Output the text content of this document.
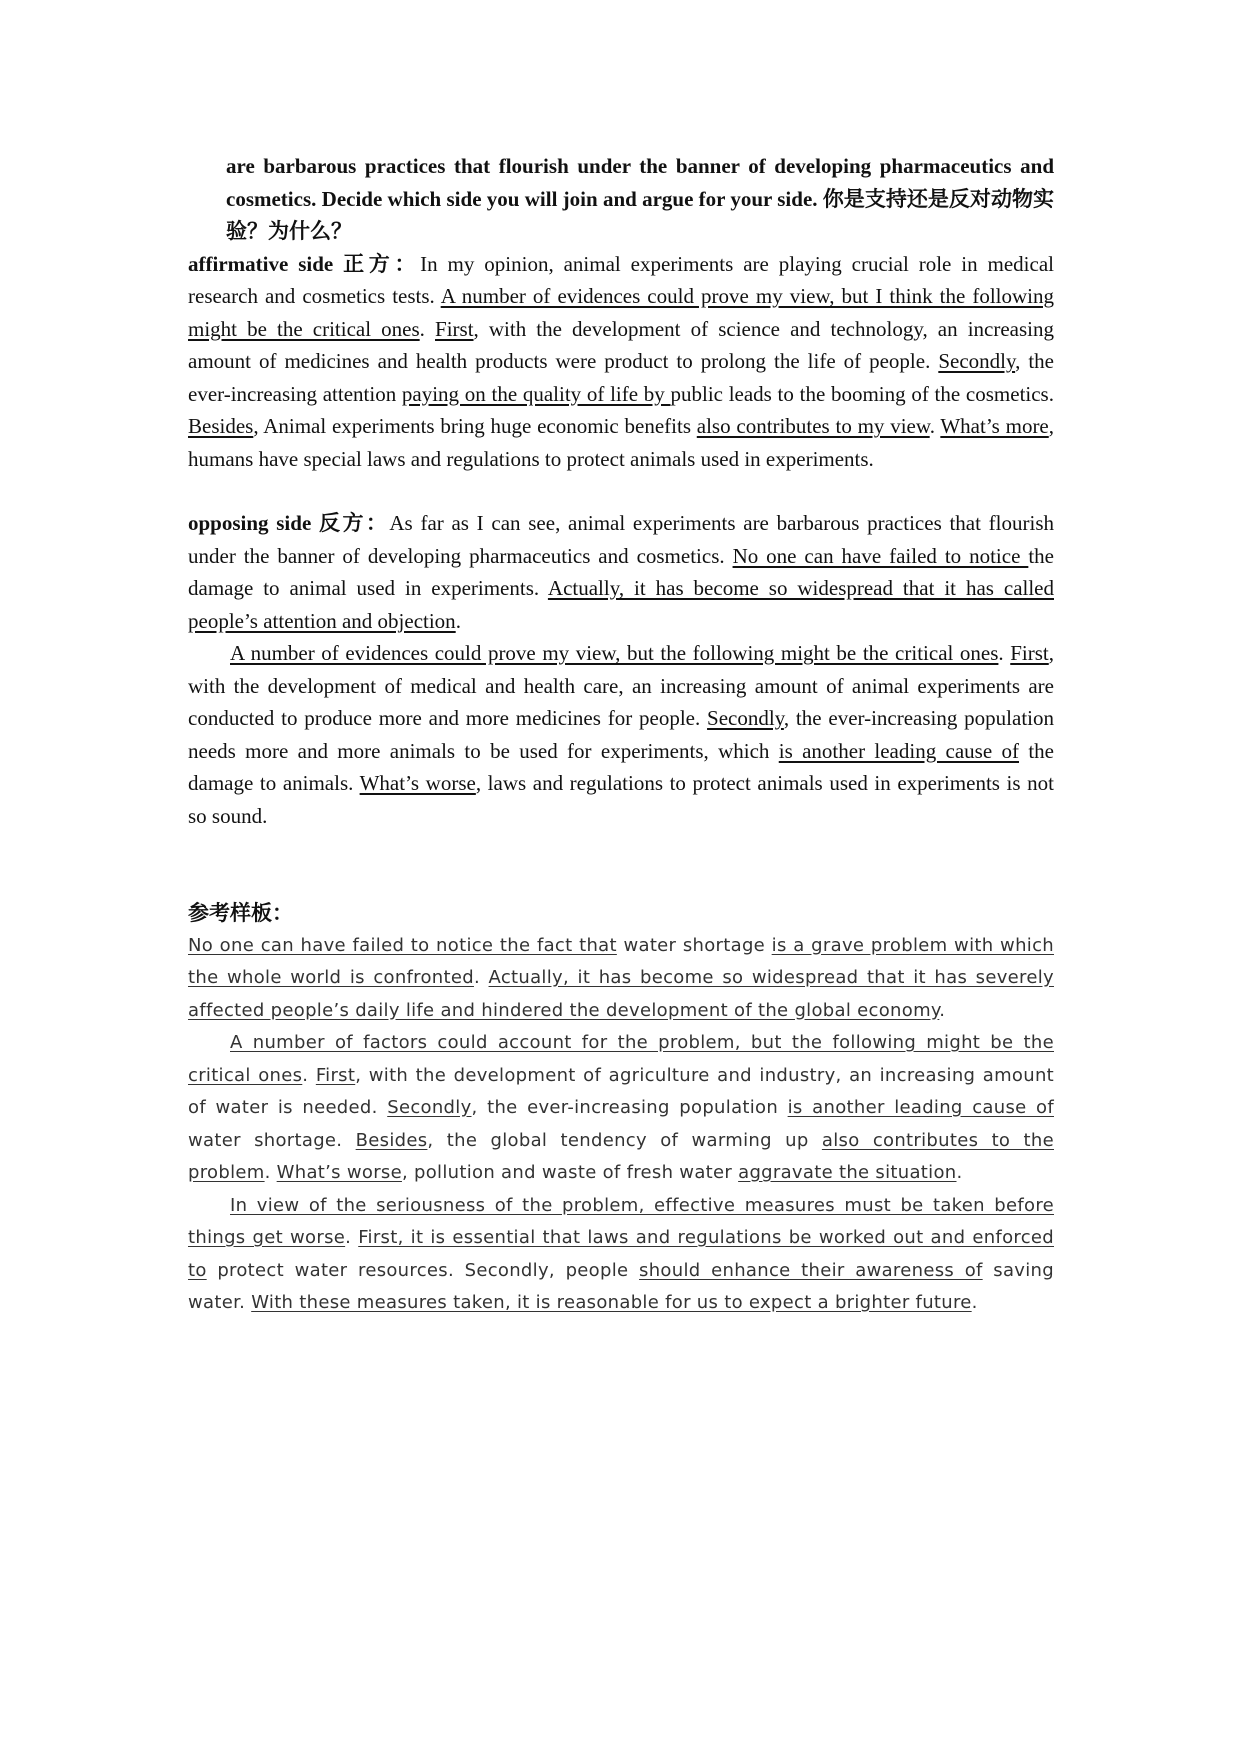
are barbarous practices that flourish under the banner of developing pharmaceutics and cosmetics. Decide which side you will join and argue for your side. 你是支持还是反对动物实验？为什么？

affirmative side 正方：In my opinion, animal experiments are playing crucial role in medical research and cosmetics tests. A number of evidences could prove my view, but I think the following might be the critical ones. First, with the development of science and technology, an increasing amount of medicines and health products were product to prolong the life of people. Secondly, the ever-increasing attention paying on the quality of life by public leads to the booming of the cosmetics. Besides, Animal experiments bring huge economic benefits also contributes to my view. What’s more, humans have special laws and regulations to protect animals used in experiments.

opposing side 反方：As far as I can see, animal experiments are barbarous practices that flourish under the banner of developing pharmaceutics and cosmetics. No one can have failed to notice the damage to animal used in experiments. Actually, it has become so widespread that it has called people’s attention and objection.

A number of evidences could prove my view, but the following might be the critical ones. First, with the development of medical and health care, an increasing amount of animal experiments are conducted to produce more and more medicines for people. Secondly, the ever-increasing population needs more and more animals to be used for experiments, which is another leading cause of the damage to animals. What’s worse, laws and regulations to protect animals used in experiments is not so sound.

参考样板：

No one can have failed to notice the fact that water shortage is a grave problem with which the whole world is confronted. Actually, it has become so widespread that it has severely affected people’s daily life and hindered the development of the global economy.

A number of factors could account for the problem, but the following might be the critical ones. First, with the development of agriculture and industry, an increasing amount of water is needed. Secondly, the ever-increasing population is another leading cause of water shortage. Besides, the global tendency of warming up also contributes to the problem. What’s worse, pollution and waste of fresh water aggravate the situation.

In view of the seriousness of the problem, effective measures must be taken before things get worse. First, it is essential that laws and regulations be worked out and enforced to protect water resources. Secondly, people should enhance their awareness of saving water. With these measures taken, it is reasonable for us to expect a brighter future.
